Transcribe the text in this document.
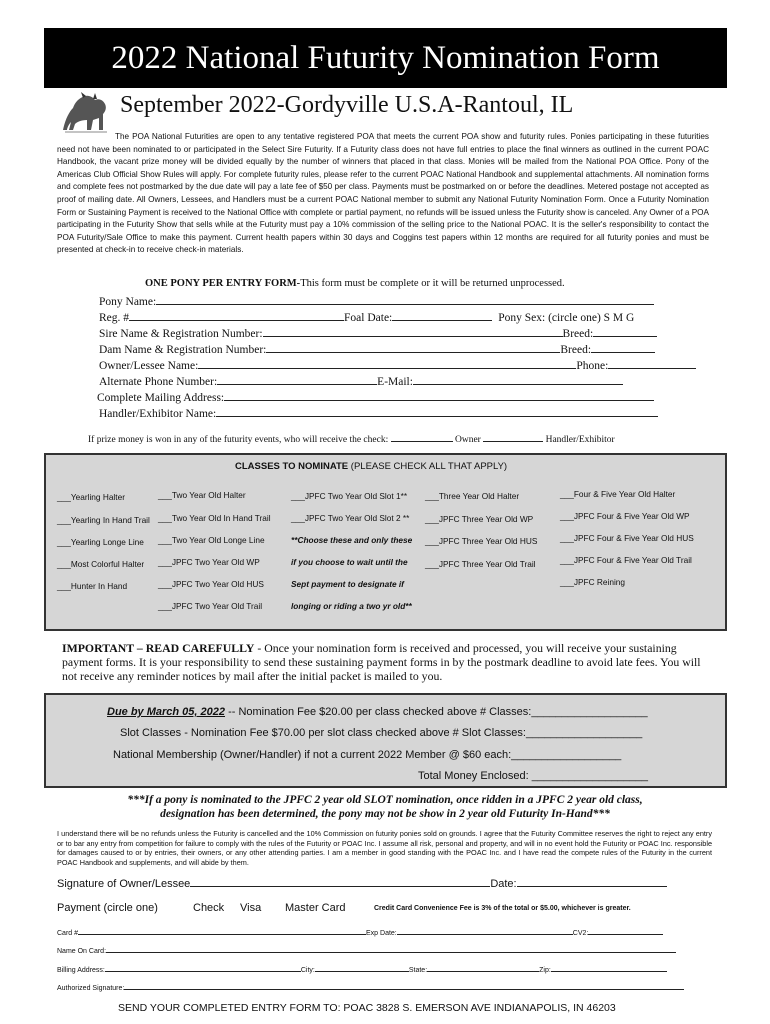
2022 National Futurity Nomination Form
September 2022-Gordyville U.S.A-Rantoul, IL
The POA National Futurities are open to any tentative registered POA that meets the current POA show and futurity rules. Ponies participating in these futurities need not have been nominated to or participated in the Select Sire Futurity. If a Futurity class does not have full entries to place the final winners as outlined in the current POAC Handbook, the vacant prize money will be divided equally by the number of winners that placed in that class. Monies will be mailed from the National POA Office. Pony of the Americas Club Official Show Rules will apply. For complete futurity rules, please refer to the current POAC National Handbook and supplemental attachments. All nomination forms and complete fees not postmarked by the due date will pay a late fee of $50 per class. Payments must be postmarked on or before the deadlines. Metered postage not accepted as proof of mailing date. All Owners, Lessees, and Handlers must be a current POAC National member to submit any National Futurity Nomination Form. Once a Futurity Nomination Form or Sustaining Payment is received to the National Office with complete or partial payment, no refunds will be issued unless the Futurity show is canceled. Any Owner of a POA participating in the Futurity Show that sells while at the Futurity must pay a 10% commission of the selling price to the National POAC. It is the seller's responsibility to contact the POA Futurity/Sale Office to make this payment. Current health papers within 30 days and Coggins test papers within 12 months are required for all futurity ponies and must be presented at check-in to receive check-in materials.
ONE PONY PER ENTRY FORM-This form must be complete or it will be returned unprocessed.
Pony Name:
Reg. #	Foal Date:	Pony Sex: (circle one) S M G
Sire Name & Registration Number:	Breed:
Dam Name & Registration Number:	Breed:
Owner/Lessee Name:	Phone:
Alternate Phone Number:	E-Mail:
Complete Mailing Address:
Handler/Exhibitor Name:
If prize money is won in any of the futurity events, who will receive the check:	Owner	Handler/Exhibitor
CLASSES TO NOMINATE (PLEASE CHECK ALL THAT APPLY)
___Yearling Halter
___Yearling In Hand Trail
___Yearling Longe Line
___Most Colorful Halter
___Hunter In Hand
___Two Year Old Halter
___Two Year Old In Hand Trail
___Two Year Old Longe Line
___JPFC Two Year Old WP
___JPFC Two Year Old HUS
___JPFC Two Year Old Trail
___JPFC Two Year Old Slot 1**
___JPFC Two Year Old Slot 2 **
**Choose these and only these
if you choose to wait until the
Sept payment to designate if
longing or riding a two yr old**
___Three Year Old Halter
___JPFC Three Year Old WP
___JPFC Three Year Old HUS
___JPFC Three Year Old Trail
___Four & Five Year Old Halter
___JPFC Four & Five Year Old WP
___JPFC Four & Five Year Old HUS
___JPFC Four & Five Year Old Trail
___JPFC Reining
IMPORTANT – READ CAREFULLY - Once your nomination form is received and processed, you will receive your sustaining payment forms. It is your responsibility to send these sustaining payment forms in by the postmark deadline to avoid late fees. You will not receive any reminder notices by mail after the initial packet is mailed to you.
Due by March 05, 2022 -- Nomination Fee $20.00 per class checked above # Classes:___________________
Slot Classes - Nomination Fee $70.00 per slot class checked above # Slot Classes:___________________
National Membership (Owner/Handler) if not a current 2022 Member @ $60 each:__________________
Total Money Enclosed: ___________________
***If a pony is nominated to the JPFC 2 year old SLOT nomination, once ridden in a JPFC 2 year old class, designation has been determined, the pony may not be show in 2 year old Futurity In-Hand***
I understand there will be no refunds unless the Futurity is cancelled and the 10% Commission on futurity ponies sold on grounds. I agree that the Futurity Committee reserves the right to reject any entry or to bar any entry from competition for failure to comply with the rules of the Futurity or POAC Inc. I assume all risk, personal and property, and will in no event hold the Futurity or POAC Inc. responsible for damages caused to or by entries, their owners, or any other attending parties. I am a member in good standing with the POAC Inc. and I have read the compete rules of the Futurity in the current POAC Handbook and supplements, and will abide by them.
Signature of Owner/Lessee	Date:
Payment (circle one)	Check Visa Master Card	Credit Card Convenience Fee is 3% of the total or $5.00, whichever is greater.
Card #	Exp Date:	CV2:
Name On Card:
Billing Address:	City:	State:	Zip:
Authorized Signature:
SEND YOUR COMPLETED ENTRY FORM TO: POAC 3828 S. EMERSON AVE INDIANAPOLIS, IN 46203
